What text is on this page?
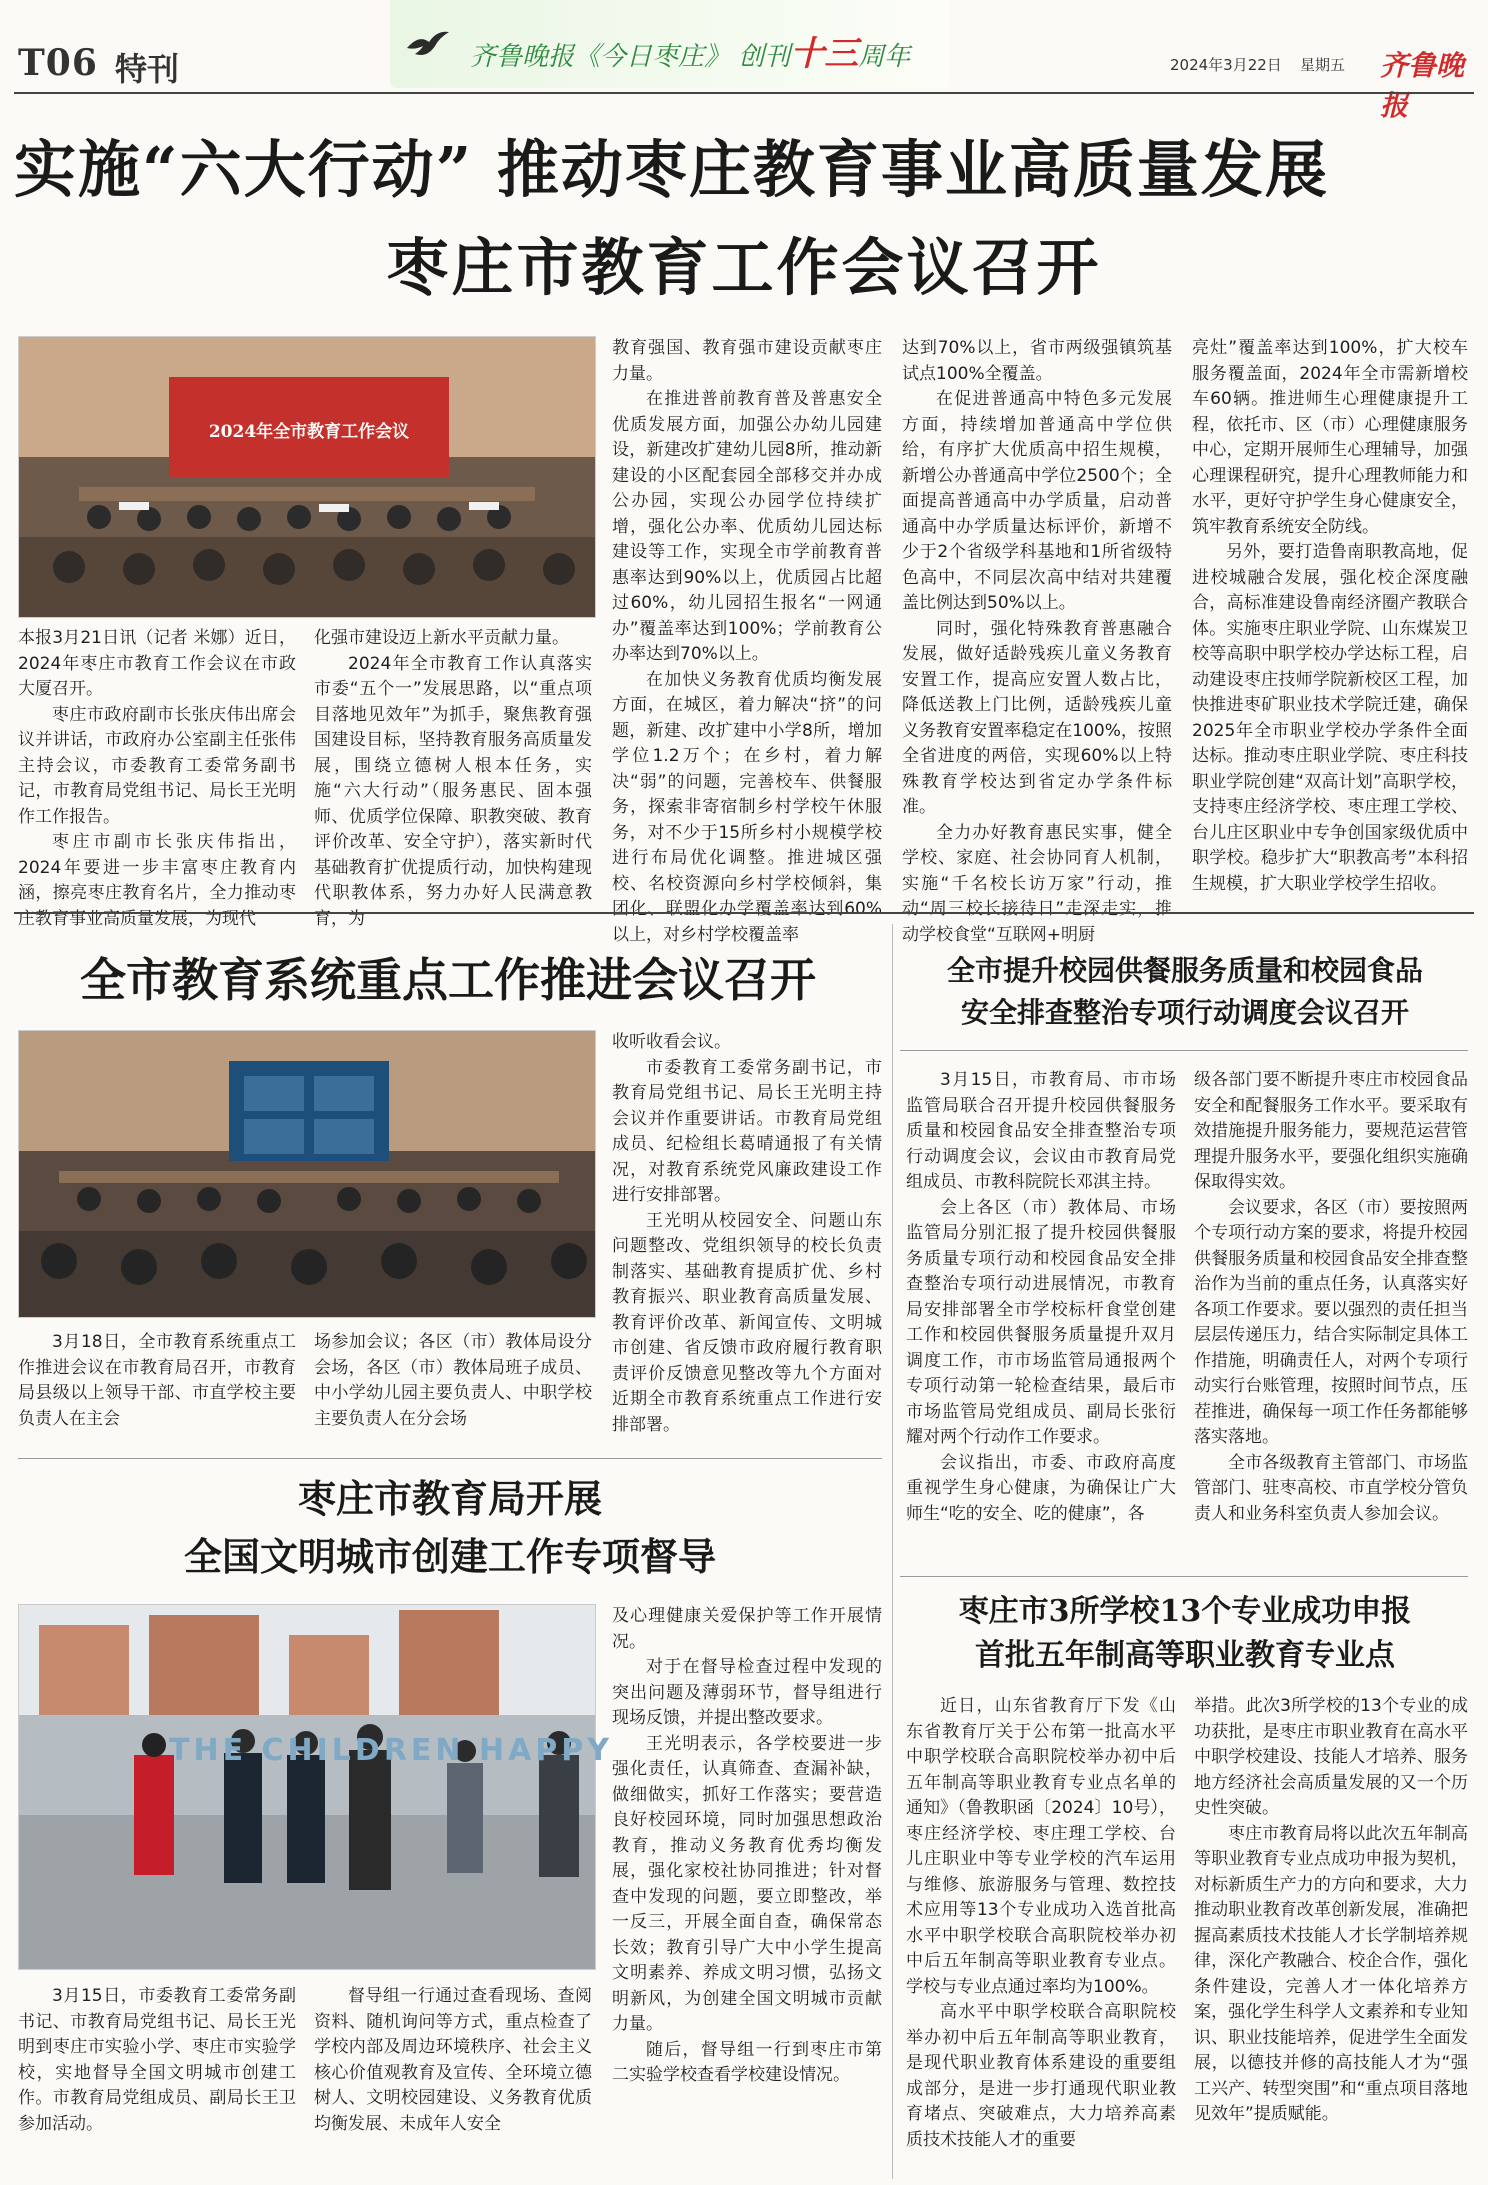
T06 特刊	齐鲁晚报《今日枣庄》 创刊十三周年	2024年3月22日 星期五 齐鲁晚报
实施“六大行动” 推动枣庄教育事业高质量发展
枣庄市教育工作会议召开
2024年全市教育工作会议

本报3月21日讯（记者 米娜）近日，2024年枣庄市教育工作会议在市政大厦召开。

枣庄市政府副市长张庆伟出席会议并讲话，市政府办公室副主任张伟主持会议，市委教育工委常务副书记，市教育局党组书记、局长王光明作工作报告。

枣庄市副市长张庆伟指出，2024年要进一步丰富枣庄教育内涵，擦亮枣庄教育名片，全力推动枣庄教育事业高质量发展，为现代

化强市建设迈上新水平贡献力量。

2024年全市教育工作认真落实市委“五个一”发展思路，以“重点项目落地见效年”为抓手，聚焦教育强国建设目标，坚持教育服务高质量发展，围绕立德树人根本任务，实施“六大行动”（服务惠民、固本强师、优质学位保障、职教突破、教育评价改革、安全守护），落实新时代基础教育扩优提质行动，加快构建现代职教体系，努力办好人民满意教育，为

教育强国、教育强市建设贡献枣庄力量。

在推进普前教育普及普惠安全优质发展方面，加强公办幼儿园建设，新建改扩建幼儿园8所，推动新建设的小区配套园全部移交并办成公办园，实现公办园学位持续扩增，强化公办率、优质幼儿园达标建设等工作，实现全市学前教育普惠率达到90%以上，优质园占比超过60%，幼儿园招生报名“一网通办”覆盖率达到100%；学前教育公办率达到70%以上。

在加快义务教育优质均衡发展方面，在城区，着力解决“挤”的问题，新建、改扩建中小学8所，增加学位1.2万个；在乡村，着力解决“弱”的问题，完善校车、供餐服务，探索非寄宿制乡村学校午休服务，对不少于15所乡村小规模学校进行布局优化调整。推进城区强校、名校资源向乡村学校倾斜，集团化、联盟化办学覆盖率达到60%以上，对乡村学校覆盖率

达到70%以上，省市两级强镇筑基试点100%全覆盖。

在促进普通高中特色多元发展方面，持续增加普通高中学位供给，有序扩大优质高中招生规模，新增公办普通高中学位2500个；全面提高普通高中办学质量，启动普通高中办学质量达标评价，新增不少于2个省级学科基地和1所省级特色高中，不同层次高中结对共建覆盖比例达到50%以上。

同时，强化特殊教育普惠融合发展，做好适龄残疾儿童义务教育安置工作，提高应安置人数占比，降低送教上门比例，适龄残疾儿童义务教育安置率稳定在100%，按照全省进度的两倍，实现60%以上特殊教育学校达到省定办学条件标准。

全力办好教育惠民实事，健全学校、家庭、社会协同育人机制，实施“千名校长访万家”行动，推动“周三校长接待日”走深走实，推动学校食堂“互联网+明厨

亮灶”覆盖率达到100%，扩大校车服务覆盖面，2024年全市需新增校车60辆。推进师生心理健康提升工程，依托市、区（市）心理健康服务中心，定期开展师生心理辅导，加强心理课程研究，提升心理教师能力和水平，更好守护学生身心健康安全，筑牢教育系统安全防线。

另外，要打造鲁南职教高地，促进校城融合发展，强化校企深度融合，高标准建设鲁南经济圈产教联合体。实施枣庄职业学院、山东煤炭卫校等高职中职学校办学达标工程，启动建设枣庄技师学院新校区工程，加快推进枣矿职业技术学院迁建，确保2025年全市职业学校办学条件全面达标。推动枣庄职业学院、枣庄科技职业学院创建“双高计划”高职学校，支持枣庄经济学校、枣庄理工学校、台儿庄区职业中专争创国家级优质中职学校。稳步扩大“职教高考”本科招生规模，扩大职业学校学生招收。

全市教育系统重点工作推进会议召开

3月18日，全市教育系统重点工作推进会议在市教育局召开，市教育局县级以上领导干部、市直学校主要负责人在主会

场参加会议；各区（市）教体局设分会场，各区（市）教体局班子成员、中小学幼儿园主要负责人、中职学校主要负责人在分会场

收听收看会议。

市委教育工委常务副书记，市教育局党组书记、局长王光明主持会议并作重要讲话。市教育局党组成员、纪检组长葛晴通报了有关情况，对教育系统党风廉政建设工作进行安排部署。

王光明从校园安全、问题山东问题整改、党组织领导的校长负责制落实、基础教育提质扩优、乡村教育振兴、职业教育高质量发展、教育评价改革、新闻宣传、文明城市创建、省反馈市政府履行教育职责评价反馈意见整改等九个方面对近期全市教育系统重点工作进行安排部署。

全市提升校园供餐服务质量和校园食品
安全排查整治专项行动调度会议召开

3月15日，市教育局、市市场监管局联合召开提升校园供餐服务质量和校园食品安全排查整治专项行动调度会议，会议由市教育局党组成员、市教科院院长邓淇主持。

会上各区（市）教体局、市场监管局分别汇报了提升校园供餐服务质量专项行动和校园食品安全排查整治专项行动进展情况，市教育局安排部署全市学校标杆食堂创建工作和校园供餐服务质量提升双月调度工作，市市场监管局通报两个专项行动第一轮检查结果，最后市市场监管局党组成员、副局长张衍耀对两个行动作工作要求。

会议指出，市委、市政府高度重视学生身心健康，为确保让广大师生“吃的安全、吃的健康”，各

级各部门要不断提升枣庄市校园食品安全和配餐服务工作水平。要采取有效措施提升服务能力，要规范运营管理提升服务水平，要强化组织实施确保取得实效。

会议要求，各区（市）要按照两个专项行动方案的要求，将提升校园供餐服务质量和校园食品安全排查整治作为当前的重点任务，认真落实好各项工作要求。要以强烈的责任担当层层传递压力，结合实际制定具体工作措施，明确责任人，对两个专项行动实行台账管理，按照时间节点，压茬推进，确保每一项工作任务都能够落实落地。

全市各级教育主管部门、市场监管部门、驻枣高校、市直学校分管负责人和业务科室负责人参加会议。

枣庄市教育局开展
全国文明城市创建工作专项督导
THE CHILDREN HAPPY

3月15日，市委教育工委常务副书记、市教育局党组书记、局长王光明到枣庄市实验小学、枣庄市实验学校，实地督导全国文明城市创建工作。市教育局党组成员、副局长王卫参加活动。

督导组一行通过查看现场、查阅资料、随机询问等方式，重点检查了学校内部及周边环境秩序、社会主义核心价值观教育及宣传、全环境立德树人、文明校园建设、义务教育优质均衡发展、未成年人安全

及心理健康关爱保护等工作开展情况。

对于在督导检查过程中发现的突出问题及薄弱环节，督导组进行现场反馈，并提出整改要求。

王光明表示，各学校要进一步强化责任，认真筛查、查漏补缺，做细做实，抓好工作落实；要营造良好校园环境，同时加强思想政治教育，推动义务教育优秀均衡发展，强化家校社协同推进；针对督查中发现的问题，要立即整改，举一反三，开展全面自查，确保常态长效；教育引导广大中小学生提高文明素养、养成文明习惯，弘扬文明新风，为创建全国文明城市贡献力量。

随后，督导组一行到枣庄市第二实验学校查看学校建设情况。

枣庄市3所学校13个专业成功申报
首批五年制高等职业教育专业点

近日，山东省教育厅下发《山东省教育厅关于公布第一批高水平中职学校联合高职院校举办初中后五年制高等职业教育专业点名单的通知》（鲁教职函〔2024〕10号），枣庄经济学校、枣庄理工学校、台儿庄职业中等专业学校的汽车运用与维修、旅游服务与管理、数控技术应用等13个专业成功入选首批高水平中职学校联合高职院校举办初中后五年制高等职业教育专业点。学校与专业点通过率均为100%。

高水平中职学校联合高职院校举办初中后五年制高等职业教育，是现代职业教育体系建设的重要组成部分，是进一步打通现代职业教育堵点、突破难点，大力培养高素质技术技能人才的重要

举措。此次3所学校的13个专业的成功获批，是枣庄市职业教育在高水平中职学校建设、技能人才培养、服务地方经济社会高质量发展的又一个历史性突破。

枣庄市教育局将以此次五年制高等职业教育专业点成功申报为契机，对标新质生产力的方向和要求，大力推动职业教育改革创新发展，准确把握高素质技术技能人才长学制培养规律，深化产教融合、校企合作，强化条件建设，完善人才一体化培养方案，强化学生科学人文素养和专业知识、职业技能培养，促进学生全面发展，以德技并修的高技能人才为“强工兴产、转型突围”和“重点项目落地见效年”提质赋能。
